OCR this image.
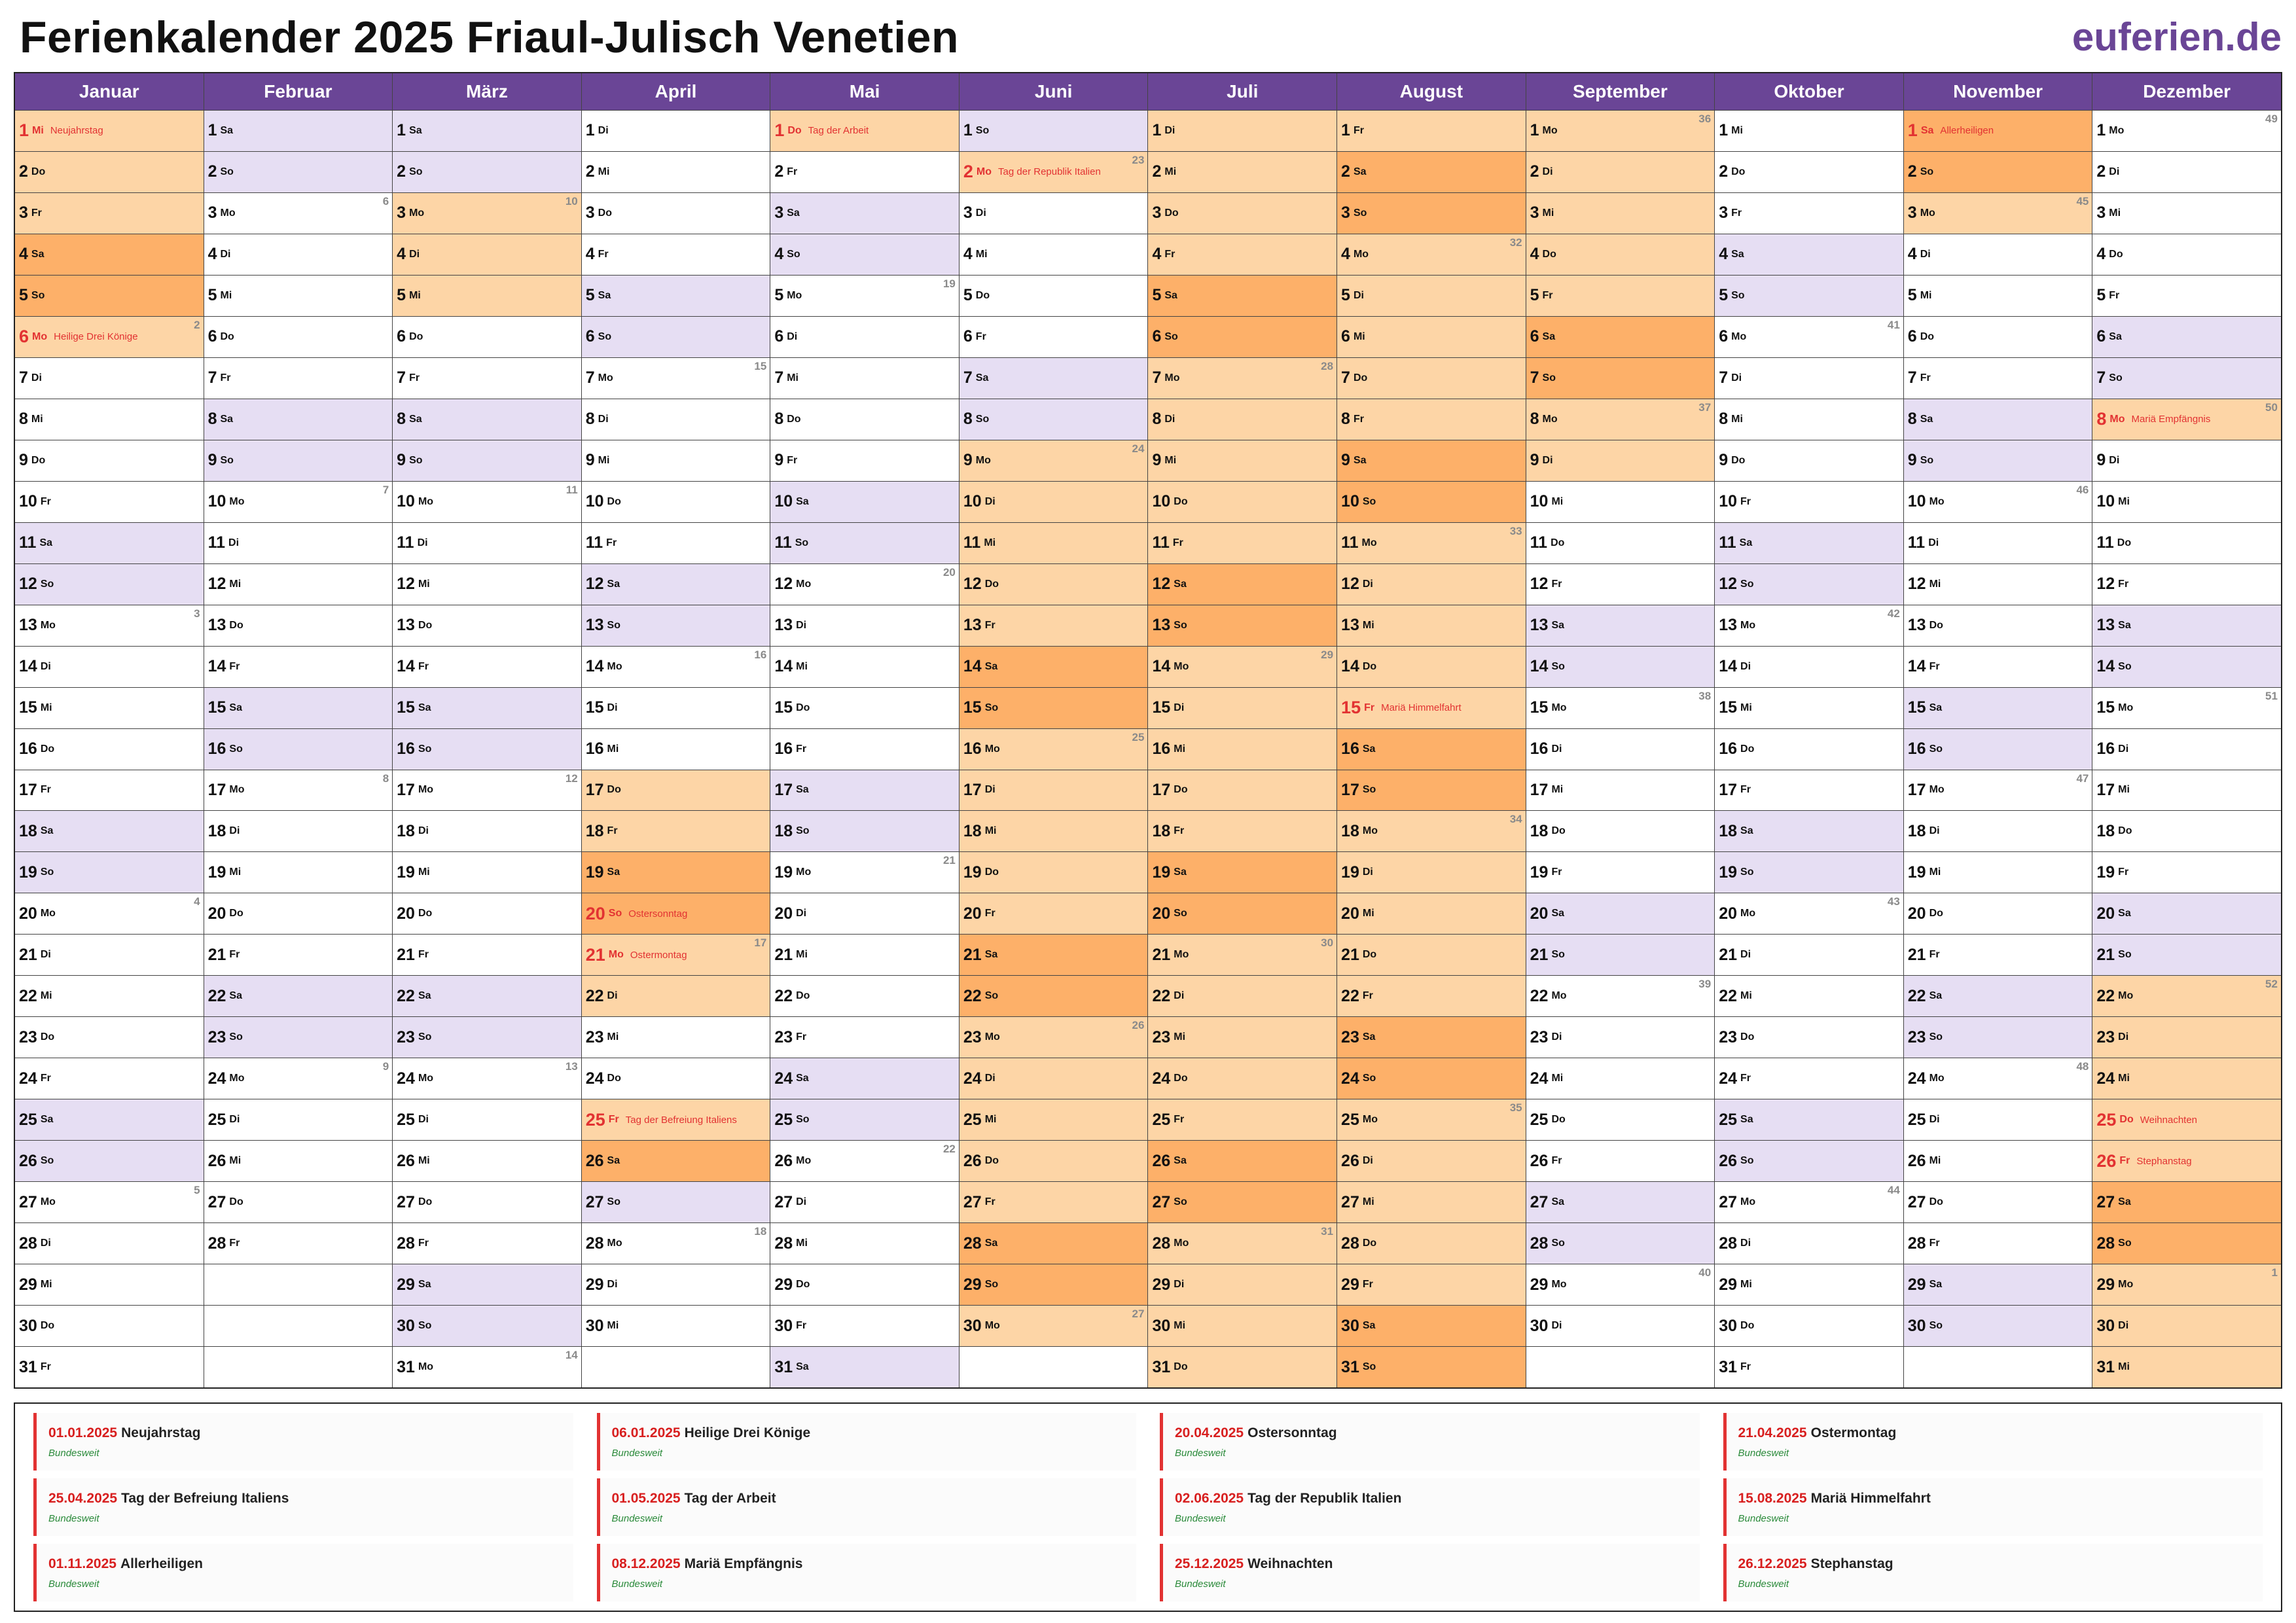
Ferienkalender 2025 Friaul-Julisch Venetien	euferien.de
Januar
1 Mi Neujahrstag
2 Do
3 Fr
4 Sa
5 So
6 Mo Heilige Drei Könige
2
7 Di
8 Mi
9 Do
10 Fr
11 Sa
12 So
13 Mo
3
14 Di
15 Mi
16 Do
17 Fr
18 Sa
19 So
20 Mo
4
21 Di
22 Mi
23 Do
24 Fr
25 Sa
26 So
27 Mo
5
28 Di
29 Mi
30 Do
31 Fr
Februar
1 Sa
2 So
3 Mo
6
4 Di
5 Mi
6 Do
7 Fr
8 Sa
9 So
10 Mo
7
11 Di
12 Mi
13 Do
14 Fr
15 Sa
16 So
17 Mo
8
18 Di
19 Mi
20 Do
21 Fr
22 Sa
23 So
24 Mo
9
25 Di
26 Mi
27 Do
28 Fr
März
1 Sa
2 So
3 Mo
10
4 Di
5 Mi
6 Do
7 Fr
8 Sa
9 So
10 Mo
11
11 Di
12 Mi
13 Do
14 Fr
15 Sa
16 So
17 Mo
12
18 Di
19 Mi
20 Do
21 Fr
22 Sa
23 So
24 Mo
13
25 Di
26 Mi
27 Do
28 Fr
29 Sa
30 So
31 Mo
14
April
1 Di
2 Mi
3 Do
4 Fr
5 Sa
6 So
7 Mo
15
8 Di
9 Mi
10 Do
11 Fr
12 Sa
13 So
14 Mo
16
15 Di
16 Mi
17 Do
18 Fr
19 Sa
20 So Ostersonntag
21 Mo Ostermontag
17
22 Di
23 Mi
24 Do
25 Fr Tag der Befreiung Italiens
26 Sa
27 So
28 Mo
18
29 Di
30 Mi
Mai
1 Do Tag der Arbeit
2 Fr
3 Sa
4 So
5 Mo
19
6 Di
7 Mi
8 Do
9 Fr
10 Sa
11 So
12 Mo
20
13 Di
14 Mi
15 Do
16 Fr
17 Sa
18 So
19 Mo
21
20 Di
21 Mi
22 Do
23 Fr
24 Sa
25 So
26 Mo
22
27 Di
28 Mi
29 Do
30 Fr
31 Sa
Juni
1 So
2 Mo Tag der Republik Italien
23
3 Di
4 Mi
5 Do
6 Fr
7 Sa
8 So
9 Mo
24
10 Di
11 Mi
12 Do
13 Fr
14 Sa
15 So
16 Mo
25
17 Di
18 Mi
19 Do
20 Fr
21 Sa
22 So
23 Mo
26
24 Di
25 Mi
26 Do
27 Fr
28 Sa
29 So
30 Mo
27
Juli
1 Di
2 Mi
3 Do
4 Fr
5 Sa
6 So
7 Mo
28
8 Di
9 Mi
10 Do
11 Fr
12 Sa
13 So
14 Mo
29
15 Di
16 Mi
17 Do
18 Fr
19 Sa
20 So
21 Mo
30
22 Di
23 Mi
24 Do
25 Fr
26 Sa
27 So
28 Mo
31
29 Di
30 Mi
31 Do
August
1 Fr
2 Sa
3 So
4 Mo
32
5 Di
6 Mi
7 Do
8 Fr
9 Sa
10 So
11 Mo
33
12 Di
13 Mi
14 Do
15 Fr Mariä Himmelfahrt
16 Sa
17 So
18 Mo
34
19 Di
20 Mi
21 Do
22 Fr
23 Sa
24 So
25 Mo
35
26 Di
27 Mi
28 Do
29 Fr
30 Sa
31 So
September
1 Mo
36
2 Di
3 Mi
4 Do
5 Fr
6 Sa
7 So
8 Mo
37
9 Di
10 Mi
11 Do
12 Fr
13 Sa
14 So
15 Mo
38
16 Di
17 Mi
18 Do
19 Fr
20 Sa
21 So
22 Mo
39
23 Di
24 Mi
25 Do
26 Fr
27 Sa
28 So
29 Mo
40
30 Di
Oktober
1 Mi
2 Do
3 Fr
4 Sa
5 So
6 Mo
41
7 Di
8 Mi
9 Do
10 Fr
11 Sa
12 So
13 Mo
42
14 Di
15 Mi
16 Do
17 Fr
18 Sa
19 So
20 Mo
43
21 Di
22 Mi
23 Do
24 Fr
25 Sa
26 So
27 Mo
44
28 Di
29 Mi
30 Do
31 Fr
November
1 Sa Allerheiligen
2 So
3 Mo
45
4 Di
5 Mi
6 Do
7 Fr
8 Sa
9 So
10 Mo
46
11 Di
12 Mi
13 Do
14 Fr
15 Sa
16 So
17 Mo
47
18 Di
19 Mi
20 Do
21 Fr
22 Sa
23 So
24 Mo
48
25 Di
26 Mi
27 Do
28 Fr
29 Sa
30 So
Dezember
1 Mo
49
2 Di
3 Mi
4 Do
5 Fr
6 Sa
7 So
8 Mo Mariä Empfängnis
50
9 Di
10 Mi
11 Do
12 Fr
13 Sa
14 So
15 Mo
51
16 Di
17 Mi
18 Do
19 Fr
20 Sa
21 So
22 Mo
52
23 Di
24 Mi
25 Do Weihnachten
26 Fr Stephanstag
27 Sa
28 So
29 Mo
1
30 Di
31 Mi
01.01.2025 Neujahrstag
Bundesweit
06.01.2025 Heilige Drei Könige
Bundesweit
20.04.2025 Ostersonntag
Bundesweit
21.04.2025 Ostermontag
Bundesweit
25.04.2025 Tag der Befreiung Italiens
Bundesweit
01.05.2025 Tag der Arbeit
Bundesweit
02.06.2025 Tag der Republik Italien
Bundesweit
15.08.2025 Mariä Himmelfahrt
Bundesweit
01.11.2025 Allerheiligen
Bundesweit
08.12.2025 Mariä Empfängnis
Bundesweit
25.12.2025 Weihnachten
Bundesweit
26.12.2025 Stephanstag
Bundesweit
